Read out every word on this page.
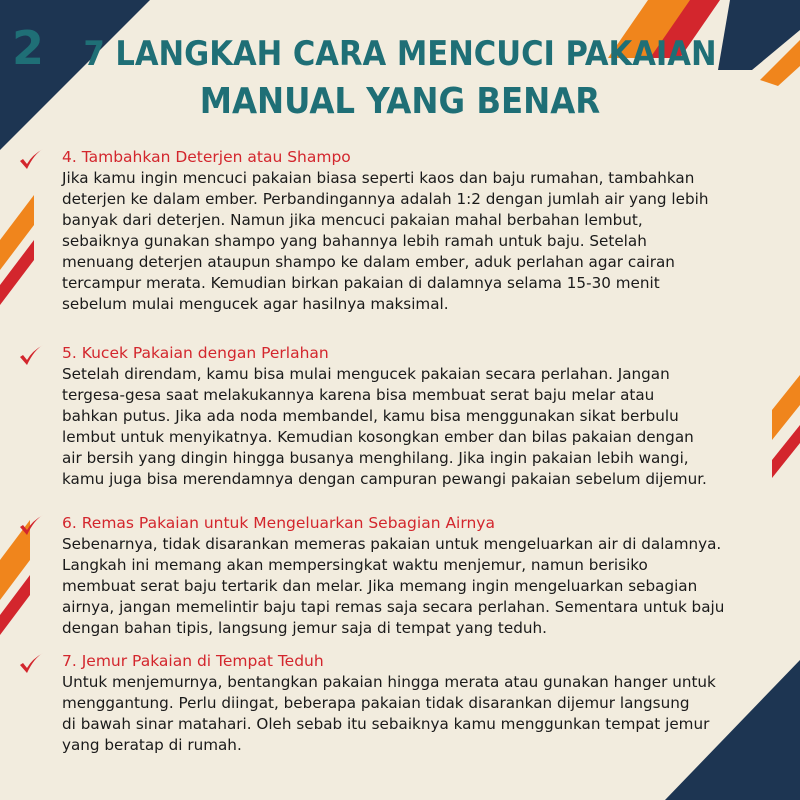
2 7 LANGKAH CARA MENCUCI PAKAIAN
MANUAL YANG BENAR
4. Tambahkan Deterjen atau Shampo
Jika kamu ingin mencuci pakaian biasa seperti kaos dan baju rumahan, tambahkan
deterjen ke dalam ember. Perbandingannya adalah 1:2 dengan jumlah air yang lebih
banyak dari deterjen. Namun jika mencuci pakaian mahal berbahan lembut,
sebaiknya gunakan shampo yang bahannya lebih ramah untuk baju. Setelah
menuang deterjen ataupun shampo ke dalam ember, aduk perlahan agar cairan
tercampur merata. Kemudian birkan pakaian di dalamnya selama 15-30 menit
sebelum mulai mengucek agar hasilnya maksimal.
5. Kucek Pakaian dengan Perlahan
Setelah direndam, kamu bisa mulai mengucek pakaian secara perlahan. Jangan
tergesa-gesa saat melakukannya karena bisa membuat serat baju melar atau
bahkan putus. Jika ada noda membandel, kamu bisa menggunakan sikat berbulu
lembut untuk menyikatnya. Kemudian kosongkan ember dan bilas pakaian dengan
air bersih yang dingin hingga busanya menghilang. Jika ingin pakaian lebih wangi,
kamu juga bisa merendamnya dengan campuran pewangi pakaian sebelum dijemur.
6. Remas Pakaian untuk Mengeluarkan Sebagian Airnya
Sebenarnya, tidak disarankan memeras pakaian untuk mengeluarkan air di dalamnya.
Langkah ini memang akan mempersingkat waktu menjemur, namun berisiko
membuat serat baju tertarik dan melar. Jika memang ingin mengeluarkan sebagian
airnya, jangan memelintir baju tapi remas saja secara perlahan. Sementara untuk baju
dengan bahan tipis, langsung jemur saja di tempat yang teduh.
7. Jemur Pakaian di Tempat Teduh
Untuk menjemurnya, bentangkan pakaian hingga merata atau gunakan hanger untuk
menggantung. Perlu diingat, beberapa pakaian tidak disarankan dijemur langsung
di bawah sinar matahari. Oleh sebab itu sebaiknya kamu menggunkan tempat jemur
yang beratap di rumah.
